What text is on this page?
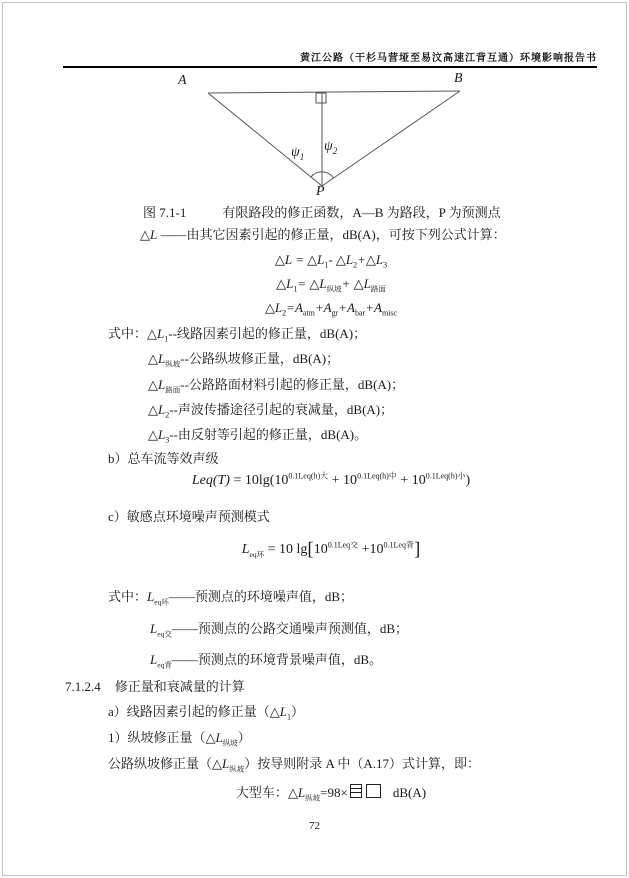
黄江公路（干杉马营垭至易汶高速江背互通）环境影响报告书
A	B
P
$\psi_1$
$\psi_2$
图 7.1-1	有限路段的修正函数，A—B 为路段，P 为预测点
△L ——由其它因素引起的修正量，dB(A)，可按下列公式计算：
△L = $\triangle L_1-$ $\triangle L_2+\triangle L_3$
$\triangle L_1=$ $\triangle L_{纵坡}+$ $\triangle L_{路面}$
$\triangle L_2=A_{atm}+A_{gr}+A_{bar}+A_{misc}$
式中：$\triangle L_1--$线路因素引起的修正量，dB(A)；
$\triangle L_{纵坡}--$公路纵坡修正量，dB(A)；
$\triangle L_{路面}--$公路路面材料引起的修正量，dB(A)；
$\triangle L_2--$声波传播途径引起的衰减量，dB(A)；
$\triangle L_3--$由反射等引起的修正量，dB(A)。
b）总车流等效声级
$Leq(T) = 10\lg(10^{0.1Leq(h)大} + 10^{0.1Leq(h)中} + 10^{0.1Leq(h)小})$
c）敏感点环境噪声预测模式
$L_{eq环} = 10$ $\lg[10^{0.1Leq交} +10^{0.1Leq背}]$
式中：$L_{eq环}——$预测点的环境噪声值，dB；
$L_{eq交}——$预测点的公路交通噪声预测值，dB；
$L_{eq背}——$预测点的环境背景噪声值，dB。
7.1.2.4 修正量和衰减量的计算
a）线路因素引起的修正量$(\triangle L_1)$
1）纵坡修正量$(\triangle L_{纵坡})$
公路纵坡修正量$(\triangle L_{纵坡})$按导则附录 A 中（A.17）式计算，即：
大型车：$\triangle L_{纵坡}=98\times$	dB(A)
72
